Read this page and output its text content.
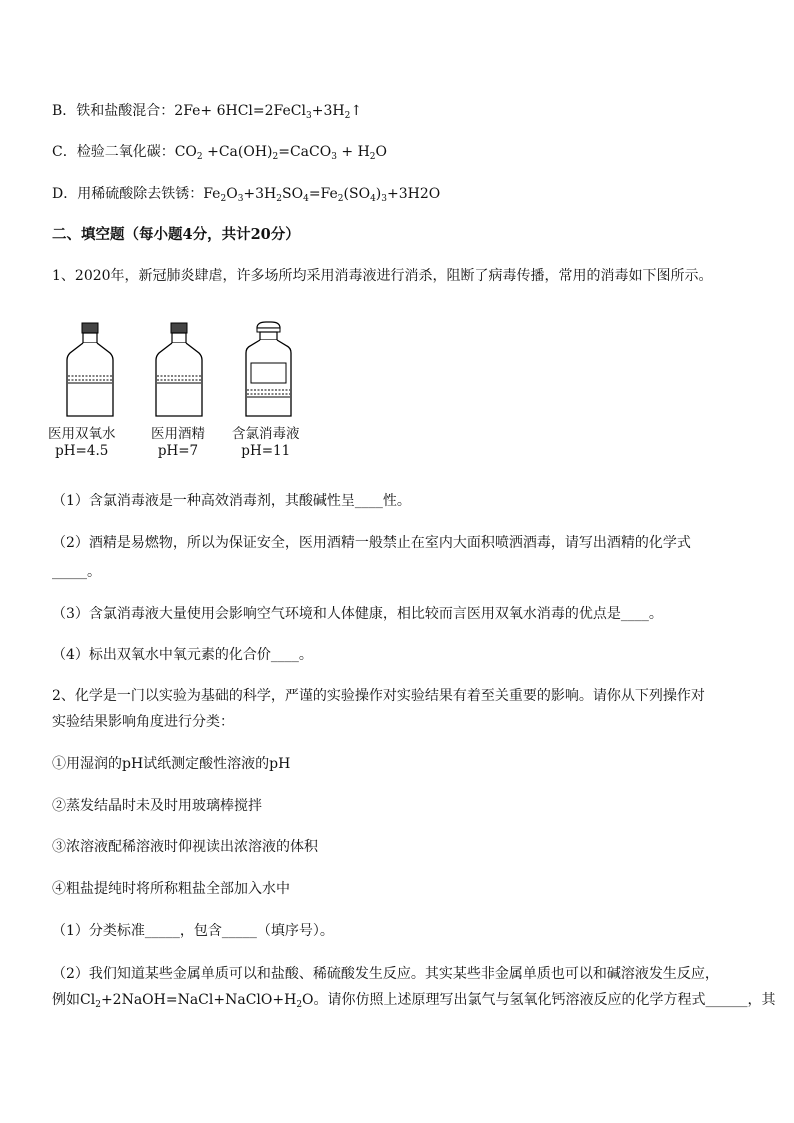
B．铁和盐酸混合：$2Fe+ 6HCl=2FeCl_3+3H_2↑$
C．检验二氧化碳：$CO_2$ $+Ca(OH)_2=CaCO_3 + H_2O$
D．用稀硫酸除去铁锈：$Fe_2O_3+3H_2SO_4=Fe_2(SO_4)_3+3H2O$
二、填空题（每小题4分，共计20分）
1、2020年，新冠肺炎肆虐，许多场所均采用消毒液进行消杀，阻断了病毒传播，常用的消毒如下图所示。
医用双氧水
pH=4.5
医用酒精
pH=7
含氯消毒液
pH=11
（1）含氯消毒液是一种高效消毒剂，其酸碱性呈____性。
（2）酒精是易燃物，所以为保证安全，医用酒精一般禁止在室内大面积喷洒酒毒，请写出酒精的化学式
_____。
（3）含氯消毒液大量使用会影响空气环境和人体健康，相比较而言医用双氧水消毒的优点是____。
（4）标出双氧水中氧元素的化合价____。
2、化学是一门以实验为基础的科学，严谨的实验操作对实验结果有着至关重要的影响。请你从下列操作对
实验结果影响角度进行分类：
①用湿润的pH试纸测定酸性溶液的pH
②蒸发结晶时未及时用玻璃棒搅拌
③浓溶液配稀溶液时仰视读出浓溶液的体积
④粗盐提纯时将所称粗盐全部加入水中
（1）分类标准_____，包含_____（填序号）。
（2）我们知道某些金属单质可以和盐酸、稀硫酸发生反应。其实某些非金属单质也可以和碱溶液发生反应，
例如$Cl_2+2NaOH=NaCl+NaClO+H_2O$。请你仿照上述原理写出氯气与氢氧化钙溶液反应的化学方程式______，其
